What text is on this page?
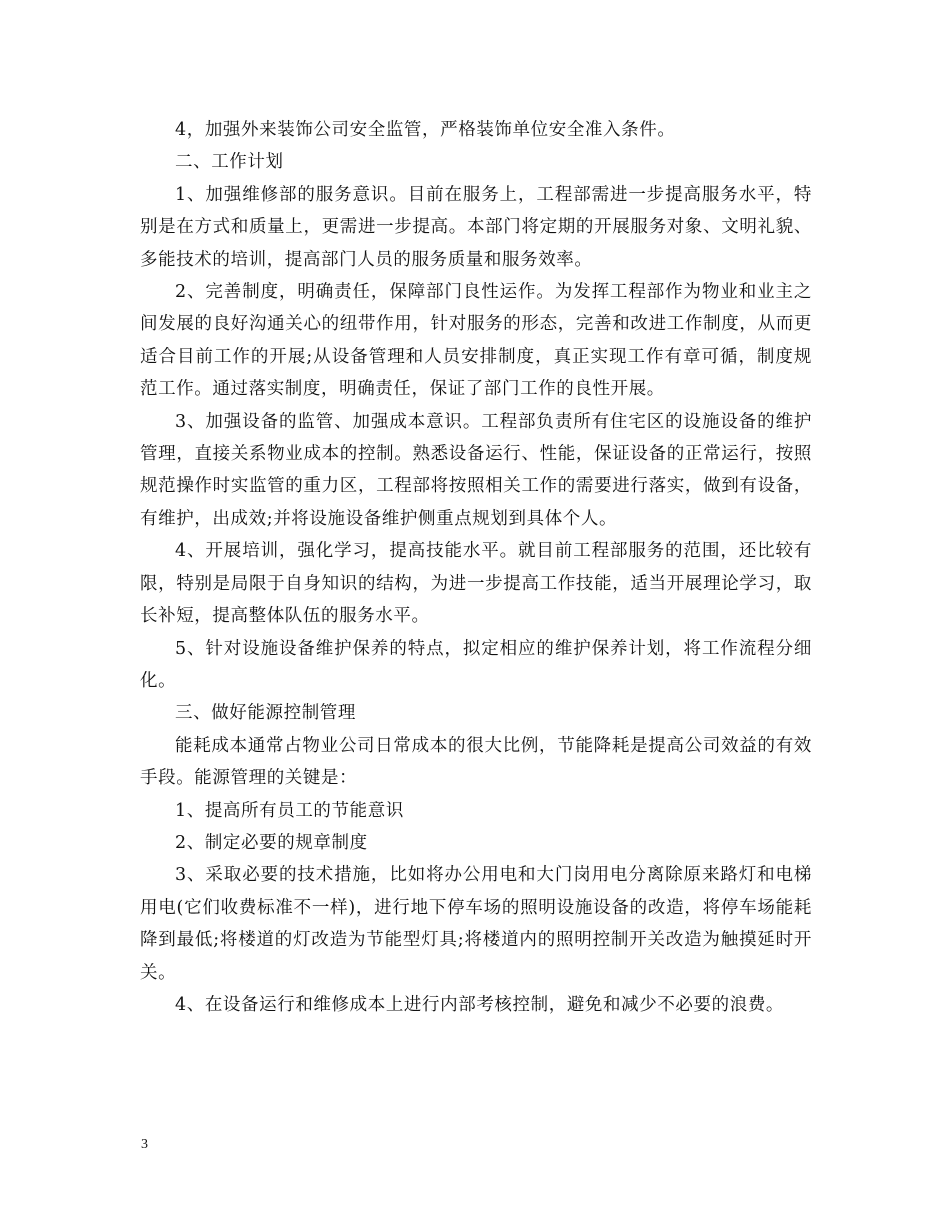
4，加强外来装饰公司安全监管，严格装饰单位安全准入条件。

二、工作计划

1、加强维修部的服务意识。目前在服务上，工程部需进一步提高服务水平，特别是在方式和质量上，更需进一步提高。本部门将定期的开展服务对象、文明礼貌、多能技术的培训，提高部门人员的服务质量和服务效率。

2、完善制度，明确责任，保障部门良性运作。为发挥工程部作为物业和业主之间发展的良好沟通关心的纽带作用，针对服务的形态，完善和改进工作制度，从而更适合目前工作的开展;从设备管理和人员安排制度，真正实现工作有章可循，制度规范工作。通过落实制度，明确责任，保证了部门工作的良性开展。

3、加强设备的监管、加强成本意识。工程部负责所有住宅区的设施设备的维护管理，直接关系物业成本的控制。熟悉设备运行、性能，保证设备的正常运行，按照规范操作时实监管的重力区，工程部将按照相关工作的需要进行落实，做到有设备，有维护，出成效;并将设施设备维护侧重点规划到具体个人。

4、开展培训，强化学习，提高技能水平。就目前工程部服务的范围，还比较有限，特别是局限于自身知识的结构，为进一步提高工作技能，适当开展理论学习，取长补短，提高整体队伍的服务水平。

5、针对设施设备维护保养的特点，拟定相应的维护保养计划，将工作流程分细化。

三、做好能源控制管理

能耗成本通常占物业公司日常成本的很大比例，节能降耗是提高公司效益的有效手段。能源管理的关键是：

1、提高所有员工的节能意识

2、制定必要的规章制度

3、采取必要的技术措施，比如将办公用电和大门岗用电分离除原来路灯和电梯用电(它们收费标准不一样)，进行地下停车场的照明设施设备的改造，将停车场能耗降到最低;将楼道的灯改造为节能型灯具;将楼道内的照明控制开关改造为触摸延时开关。

4、在设备运行和维修成本上进行内部考核控制，避免和减少不必要的浪费。

3
